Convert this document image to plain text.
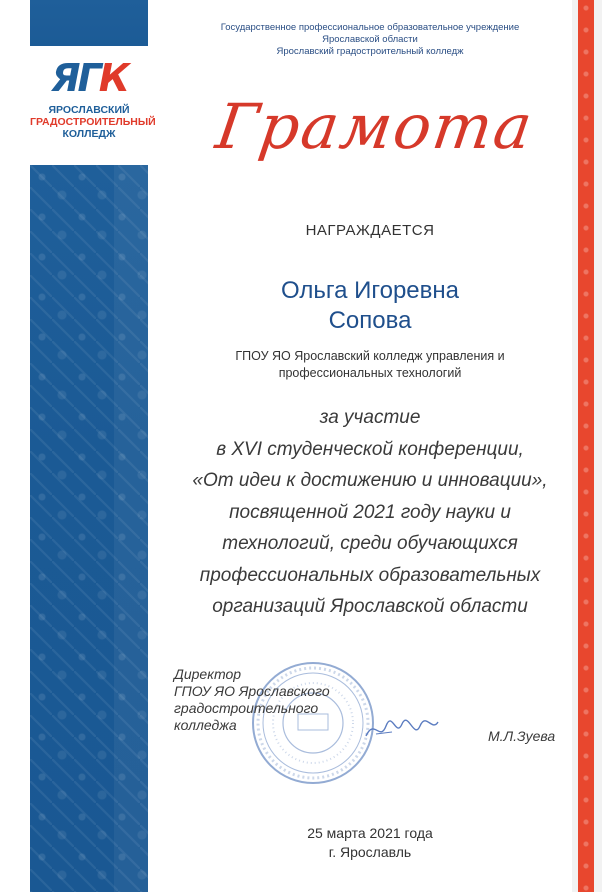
ЯГК
ЯРОСЛАВСКИЙ
ГРАДОСТРОИТЕЛЬНЫЙ
КОЛЛЕДЖ
Государственное профессиональное образовательное учреждение
Ярославской области
Ярославский градостроительный колледж
Грамота
НАГРАЖДАЕТСЯ
Ольга Игоревна
Сопова
ГПОУ ЯО Ярославский колледж управления и
профессиональных технологий
за участие
в XVI студенческой конференции,
«От идеи к достижению и инновации»,
посвященной 2021 году науки и
технологий, среди обучающихся
профессиональных образовательных
организаций Ярославской области
Директор
ГПОУ ЯО Ярославского
градостроительного
колледжа
М.Л.Зуева
25 марта 2021 года
г. Ярославль
